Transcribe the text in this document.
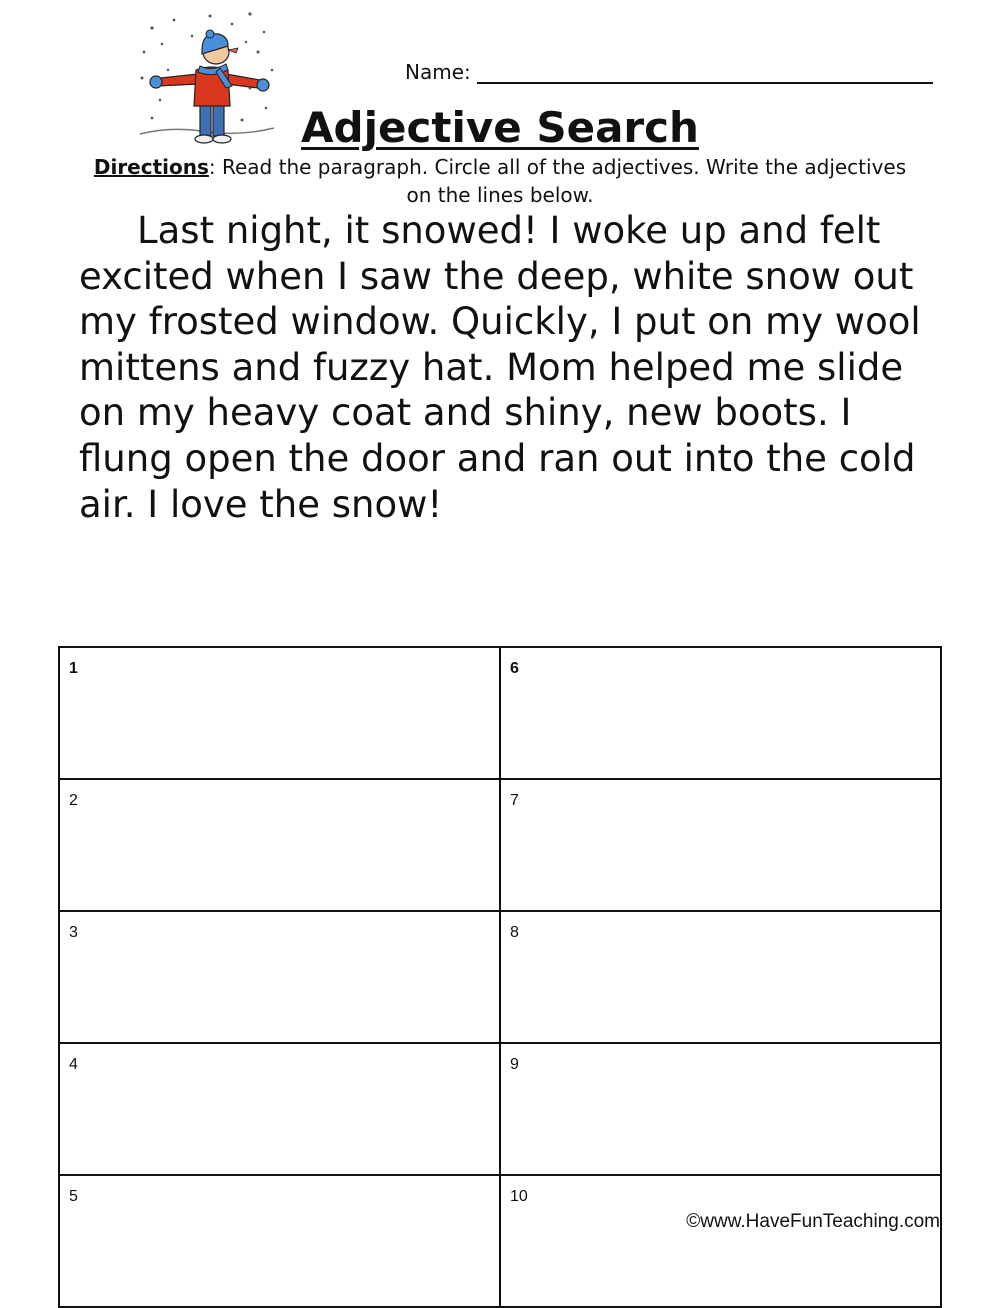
Name:
Adjective Search
Directions: Read the paragraph. Circle all of the adjectives. Write the adjectives on the lines below.

Last night, it snowed! I woke up and felt excited when I saw the deep, white snow out my frosted window. Quickly, I put on my wool mittens and fuzzy hat. Mom helped me slide on my heavy coat and shiny, new boots. I flung open the door and ran out into the cold air. I love the snow!

1	6
2	7
3	8
4	9
5	10
©www.HaveFunTeaching.com
